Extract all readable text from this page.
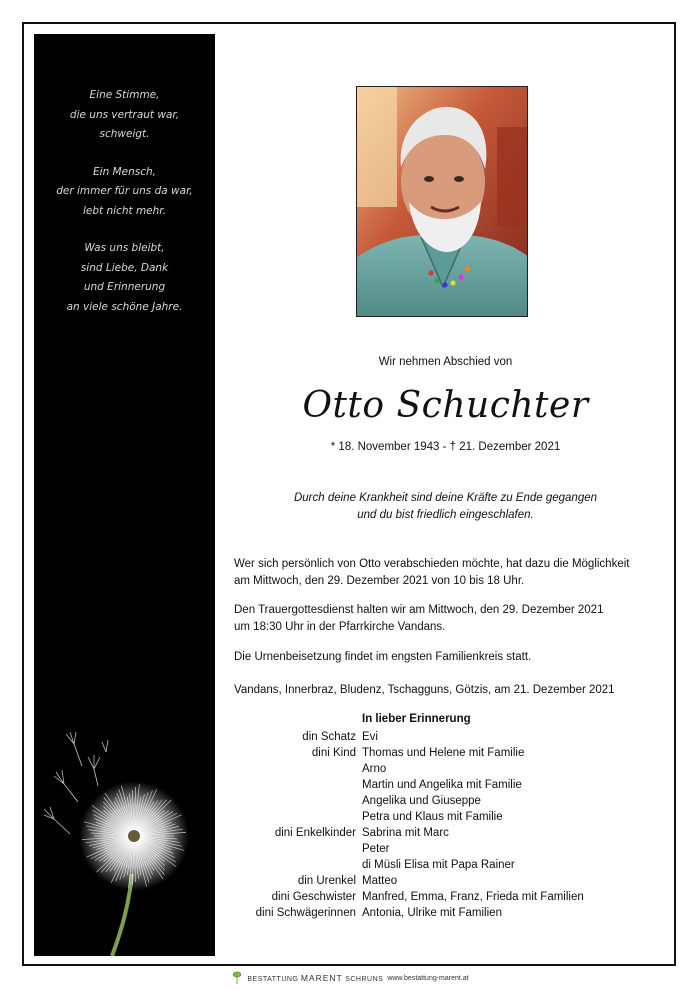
Eine Stimme,
die uns vertraut war,
schweigt.
Ein Mensch,
der immer für uns da war,
lebt nicht mehr.
Was uns bleibt,
sind Liebe, Dank
und Erinnerung
an viele schöne Jahre.
Wir nehmen Abschied von
Otto Schuchter
* 18. November 1943 - † 21. Dezember 2021
Durch deine Krankheit sind deine Kräfte zu Ende gegangen
und du bist friedlich eingeschlafen.
Wer sich persönlich von Otto verabschieden möchte, hat dazu die Möglichkeit
am Mittwoch, den 29. Dezember 2021 von 10 bis 18 Uhr.
Den Trauergottesdienst halten wir am Mittwoch, den 29. Dezember 2021
um 18:30 Uhr in der Pfarrkirche Vandans.
Die Urnenbeisetzung findet im engsten Familienkreis statt.
Vandans, Innerbraz, Bludenz, Tschagguns, Götzis, am 21. Dezember 2021
In lieber Erinnerung
din Schatz Evi
dini Kind Thomas und Helene mit Familie
Arno
Martin und Angelika mit Familie
Angelika und Giuseppe
Petra und Klaus mit Familie
dini Enkelkinder Sabrina mit Marc
Peter
di Müsli Elisa mit Papa Rainer
din Urenkel Matteo
dini Geschwister Manfred, Emma, Franz, Frieda mit Familien
dini Schwägerinnen Antonia, Ulrike mit Familien
BESTATTUNG MARENT SCHRUNS www.bestattung-marent.at
